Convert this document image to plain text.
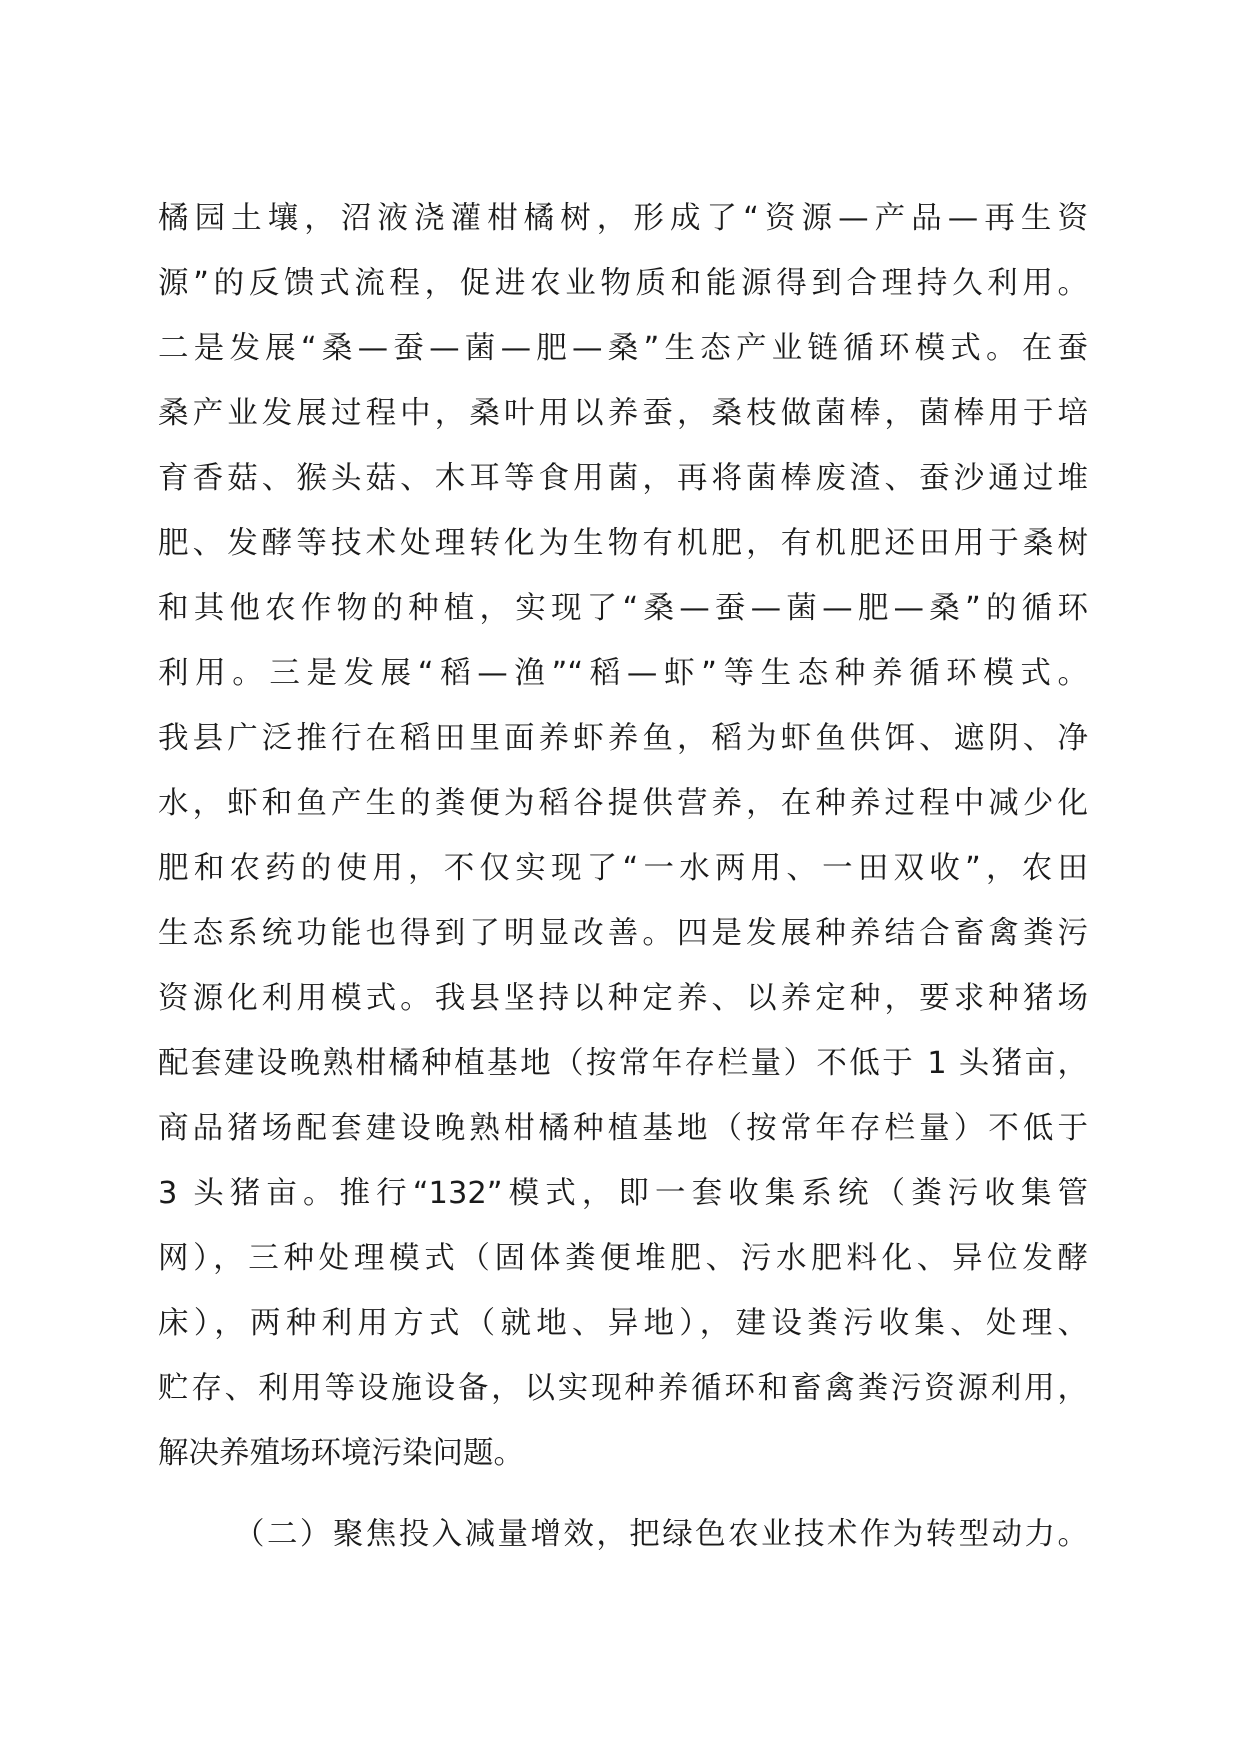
橘园土壤，沼液浇灌柑橘树，形成了“资源—产品—再生资
源”的反馈式流程，促进农业物质和能源得到合理持久利用。
二是发展“桑—蚕—菌—肥—桑”生态产业链循环模式。在蚕
桑产业发展过程中，桑叶用以养蚕，桑枝做菌棒，菌棒用于培
育香菇、猴头菇、木耳等食用菌，再将菌棒废渣、蚕沙通过堆
肥、发酵等技术处理转化为生物有机肥，有机肥还田用于桑树
和其他农作物的种植，实现了“桑—蚕—菌—肥—桑”的循环
利用。三是发展“稻—渔”“稻—虾”等生态种养循环模式。
我县广泛推行在稻田里面养虾养鱼，稻为虾鱼供饵、遮阴、净
水，虾和鱼产生的粪便为稻谷提供营养，在种养过程中减少化
肥和农药的使用，不仅实现了“一水两用、一田双收”，农田
生态系统功能也得到了明显改善。四是发展种养结合畜禽粪污
资源化利用模式。我县坚持以种定养、以养定种，要求种猪场
配套建设晚熟柑橘种植基地（按常年存栏量）不低于 1 头猪亩，
商品猪场配套建设晚熟柑橘种植基地（按常年存栏量）不低于
3 头猪亩。推行“132”模式，即一套收集系统（粪污收集管
网），三种处理模式（固体粪便堆肥、污水肥料化、异位发酵
床），两种利用方式（就地、异地），建设粪污收集、处理、
贮存、利用等设施设备，以实现种养循环和畜禽粪污资源利用，
解决养殖场环境污染问题。
（二）聚焦投入减量增效，把绿色农业技术作为转型动力。
